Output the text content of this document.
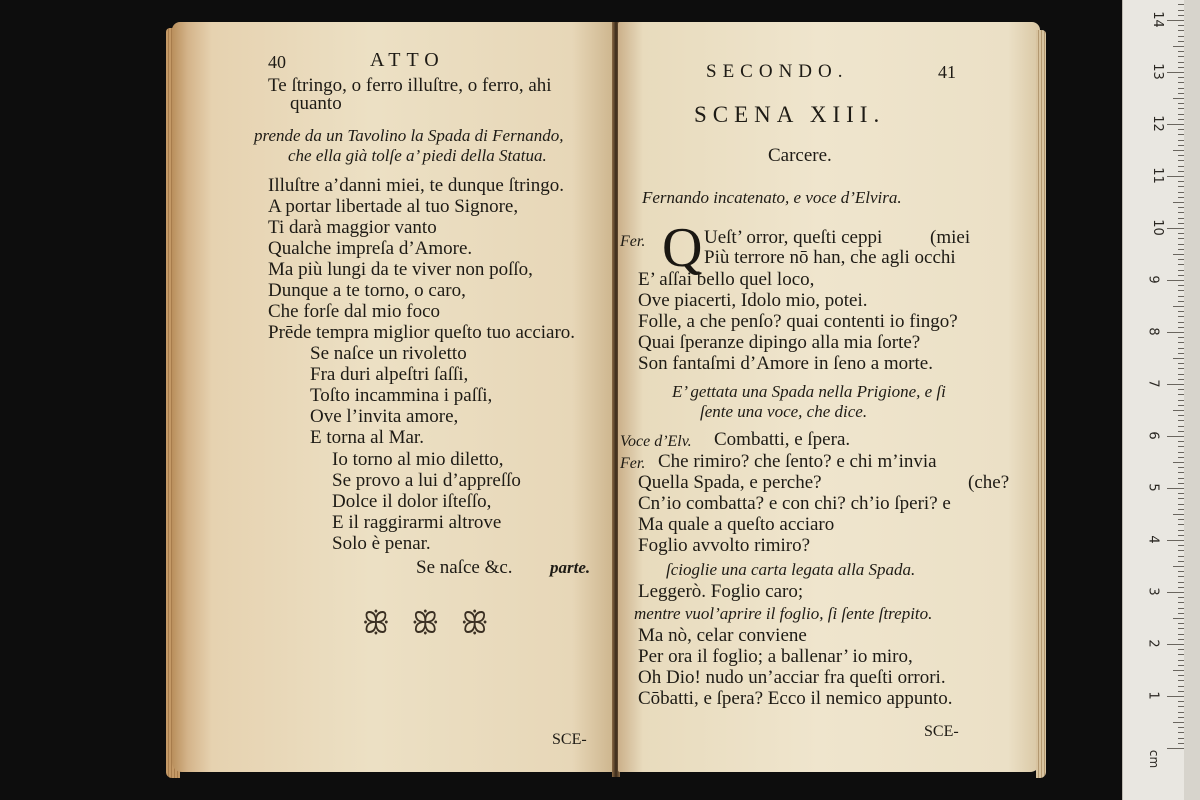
40	ATTO
Te ſtringo, o ferro illuſtre, o ferro, ahi
quanto
prende da un Tavolino la Spada di Fernando,
che ella già tolſe a’ piedi della Statua.
Illuſtre a’danni miei, te dunque ſtringo.
A portar libertade al tuo Signore,
Ti darà maggior vanto
Qualche impreſa d’Amore.
Ma più lungi da te viver non poſſo,
Dunque a te torno, o caro,
Che forſe dal mio foco
Prēde tempra miglior queſto tuo acciaro.
Se naſce un rivoletto
Fra duri alpeſtri ſaſſi,
Toſto incammina i paſſi,
Ove l’invita amore,
E torna al Mar.
Io torno al mio diletto,
Se provo a lui d’appreſſo
Dolce il dolor iſteſſo,
E il raggirarmi altrove
Solo è penar.
Se naſce &c. parte.
ꕥ ꕥ ꕥ
SCE-
SECONDO.	41
SCENA XIII.
Carcere.
Fernando incatenato, e voce d’Elvira.
Fer. Q Ueſt’ orror, queſti ceppi	(miei
Più terrore nō han, che agli occhi
E’ aſſai bello quel loco,
Ove piacerti, Idolo mio, potei.
Folle, a che penſo? quai contenti io fingo?
Quai ſperanze dipingo alla mia ſorte?
Son fantaſmi d’Amore in ſeno a morte.
E’ gettata una Spada nella Prigione, e ſi
ſente una voce, che dice.
Voce d’Elv. Combatti, e ſpera.
Fer. Che rimiro? che ſento? e chi m’invia
Quella Spada, e perche?	(che?
Cn’io combatta? e con chi? ch’io ſperi? e
Ma quale a queſto acciaro
Foglio avvolto rimiro?
ſcioglie una carta legata alla Spada.
Leggerò. Foglio caro;
mentre vuol’aprire il foglio, ſi ſente ſtrepito.
Ma nò, celar conviene
Per ora il foglio; a ballenar’ io miro,
Oh Dio! nudo un’acciar fra queſti orrori.
Cōbatti, e ſpera? Ecco il nemico appunto.
SCE-
cm
1
2
3
4
5
6
7
8
9
10
11
12
13
14
